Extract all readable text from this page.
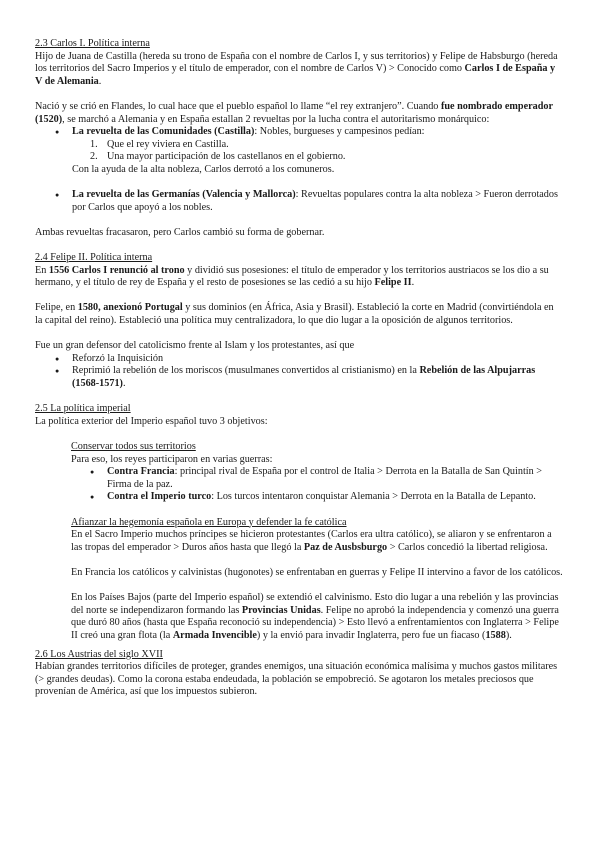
2.3 Carlos I. Política interna

Hijo de Juana de Castilla (hereda su trono de España con el nombre de Carlos I, y sus territorios) y Felipe de Habsburgo (hereda los territorios del Sacro Imperios y el título de emperador, con el nombre de Carlos V) > Conocido como Carlos I de España y V de Alemania.

Nació y se crió en Flandes, lo cual hace que el pueblo español lo llame “el rey extranjero”. Cuando fue nombrado emperador (1520), se marchó a Alemania y en España estallan 2 revueltas por la lucha contra el autoritarismo monárquico:

● La revuelta de las Comunidades (Castilla): Nobles, burgueses y campesinos pedían:
1. Que el rey viviera en Castilla.
2. Una mayor participación de los castellanos en el gobierno.

Con la ayuda de la alta nobleza, Carlos derrotó a los comuneros.

● La revuelta de las Germanías (Valencia y Mallorca): Revueltas populares contra la alta nobleza > Fueron derrotados por Carlos que apoyó a los nobles.

Ambas revueltas fracasaron, pero Carlos cambió su forma de gobernar.

2.4 Felipe II. Política interna

En 1556 Carlos I renunció al trono y dividió sus posesiones: el título de emperador y los territorios austriacos se los dio a su hermano, y el título de rey de España y el resto de posesiones se las cedió a su hijo Felipe II.

Felipe, en 1580, anexionó Portugal y sus dominios (en África, Asia y Brasil). Estableció la corte en Madrid (convirtiéndola en la capital del reino). Estableció una política muy centralizadora, lo que dio lugar a la oposición de algunos territorios.

Fue un gran defensor del catolicismo frente al Islam y los protestantes, así que

● Reforzó la Inquisición
● Reprimió la rebelión de los moriscos (musulmanes convertidos al cristianismo) en la Rebelión de las Alpujarras (1568-1571).

2.5 La política imperial

La política exterior del Imperio español tuvo 3 objetivos:

Conservar todos sus territorios

Para eso, los reyes participaron en varias guerras:

● Contra Francia: principal rival de España por el control de Italia > Derrota en la Batalla de San Quintín > Firma de la paz.
● Contra el Imperio turco: Los turcos intentaron conquistar Alemania > Derrota en la Batalla de Lepanto.

Afianzar la hegemonía española en Europa y defender la fe católica

En el Sacro Imperio muchos príncipes se hicieron protestantes (Carlos era ultra católico), se aliaron y se enfrentaron a las tropas del emperador > Duros años hasta que llegó la Paz de Ausbsburgo > Carlos concedió la libertad religiosa.

En Francia los católicos y calvinistas (hugonotes) se enfrentaban en guerras y Felipe II intervino a favor de los católicos.

En los Países Bajos (parte del Imperio español) se extendió el calvinismo. Esto dio lugar a una rebelión y las provincias del norte se independizaron formando las Provincias Unidas. Felipe no aprobó la independencia y comenzó una guerra que duró 80 años (hasta que España reconoció su independencia) > Esto llevó a enfrentamientos con Inglaterra > Felipe II creó una gran flota (la Armada Invencible) y la envió para invadir Inglaterra, pero fue un fiacaso (1588).

2.6 Los Austrias del siglo XVII

Habían grandes territorios difíciles de proteger, grandes enemigos, una situación económica malísima y muchos gastos militares (> grandes deudas). Como la corona estaba endeudada, la población se empobreció. Se agotaron los metales preciosos que provenían de América, así que los impuestos subieron.
